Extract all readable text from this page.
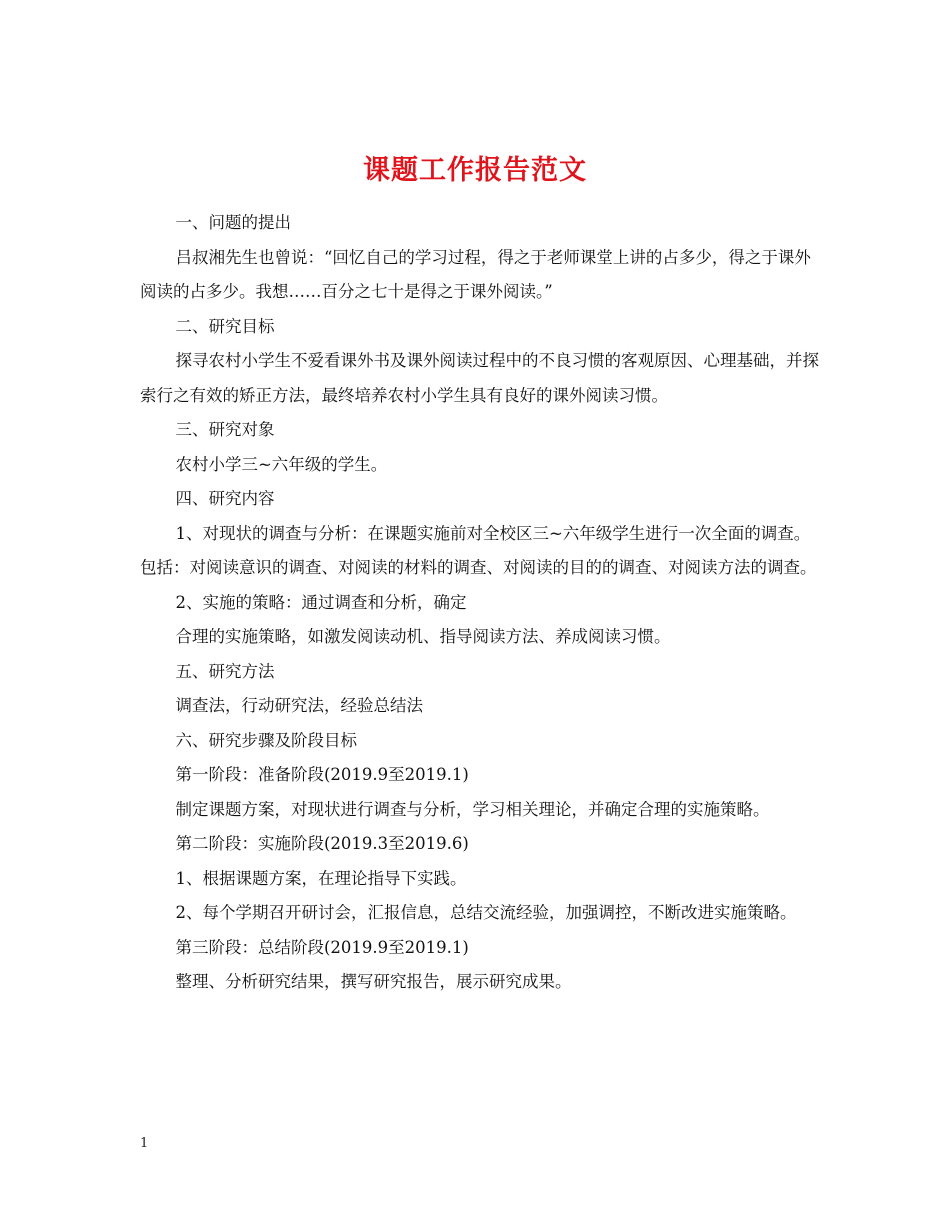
课题工作报告范文

一、问题的提出

吕叔湘先生也曾说：“回忆自己的学习过程，得之于老师课堂上讲的占多少，得之于课外阅读的占多少。我想……百分之七十是得之于课外阅读。”

二、研究目标

探寻农村小学生不爱看课外书及课外阅读过程中的不良习惯的客观原因、心理基础，并探索行之有效的矫正方法，最终培养农村小学生具有良好的课外阅读习惯。

三、研究对象

农村小学三~六年级的学生。

四、研究内容

1、对现状的调查与分析：在课题实施前对全校区三~六年级学生进行一次全面的调查。包括：对阅读意识的调查、对阅读的材料的调查、对阅读的目的的调查、对阅读方法的调查。

2、实施的策略：通过调查和分析，确定

合理的实施策略，如激发阅读动机、指导阅读方法、养成阅读习惯。

五、研究方法

调查法，行动研究法，经验总结法

六、研究步骤及阶段目标

第一阶段：准备阶段(2019.9至2019.1)

制定课题方案，对现状进行调查与分析，学习相关理论，并确定合理的实施策略。

第二阶段：实施阶段(2019.3至2019.6)

1、根据课题方案，在理论指导下实践。

2、每个学期召开研讨会，汇报信息，总结交流经验，加强调控，不断改进实施策略。

第三阶段：总结阶段(2019.9至2019.1)

整理、分析研究结果，撰写研究报告，展示研究成果。

1
